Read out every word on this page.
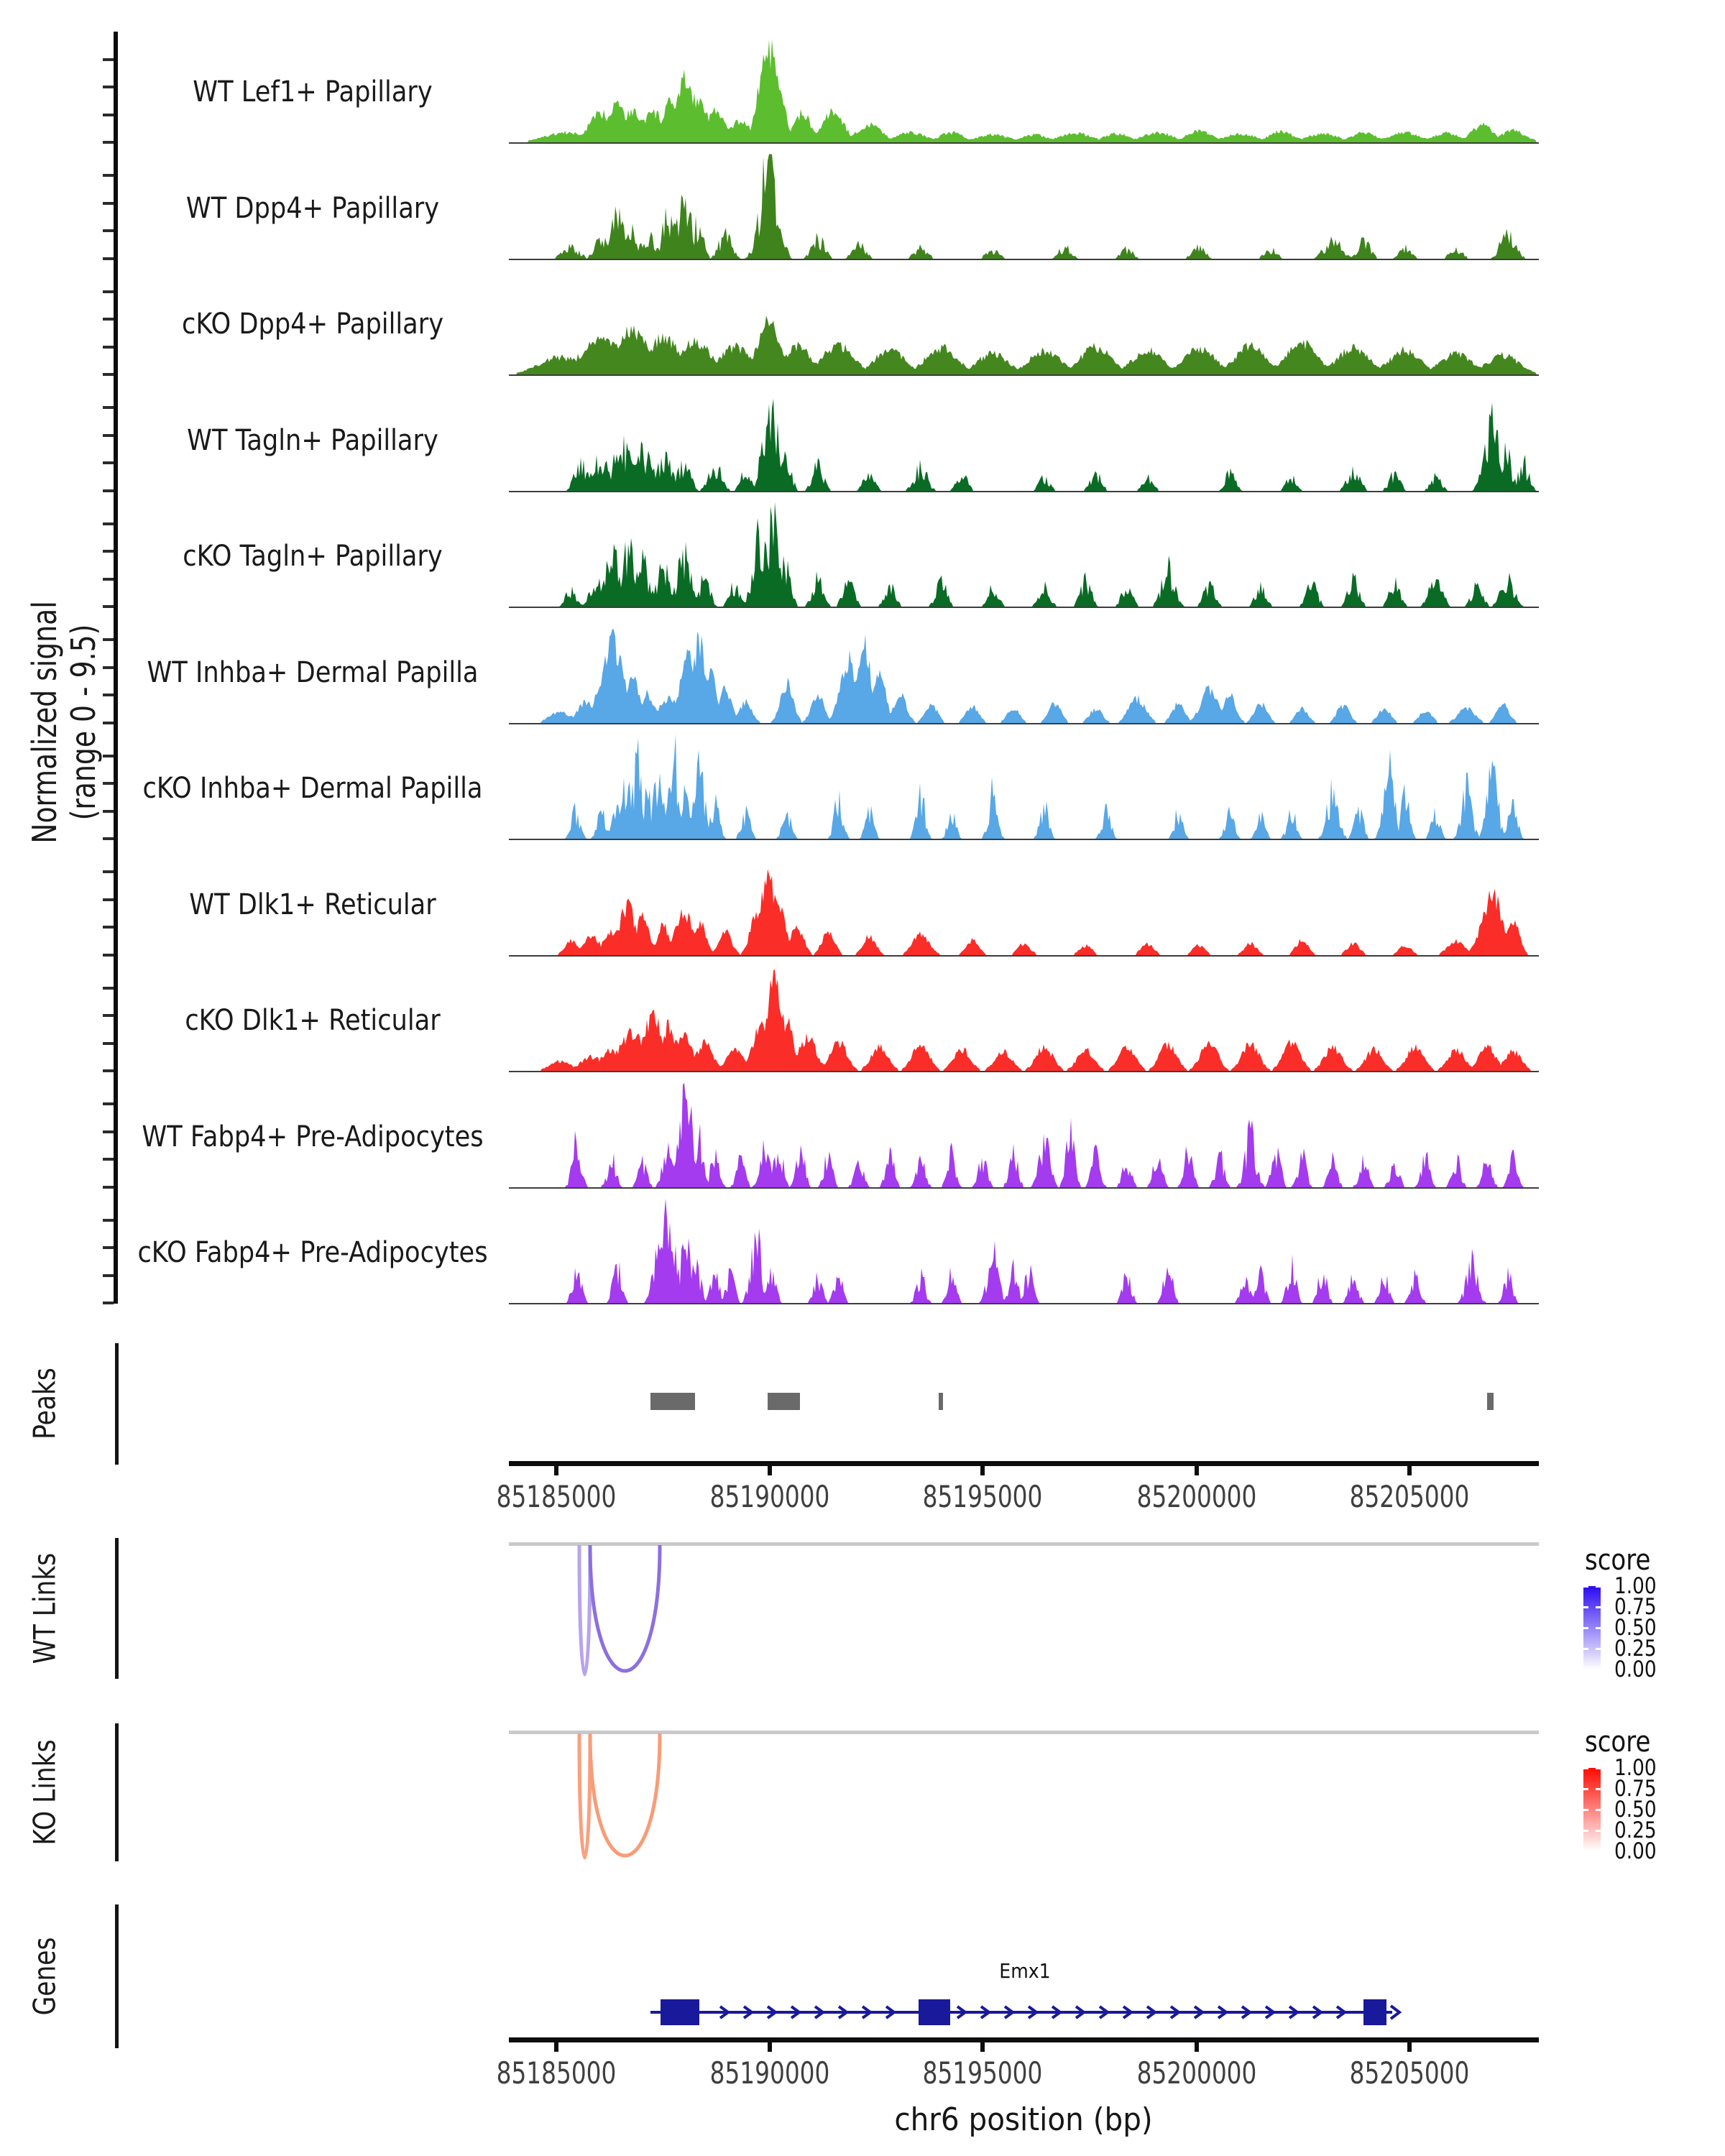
Normalized signal (range 0 - 9.5)
Peaks
WT Links
KO Links
Genes	Emx1
chr6 position (bp)
score
score
WT Lef1+ Papillary
WT Dpp4+ Papillary
cKO Dpp4+ Papillary
WT Tagln+ Papillary
cKO Tagln+ Papillary
WT Inhba+ Dermal Papilla
cKO Inhba+ Dermal Papilla
WT Dlk1+ Reticular
cKO Dlk1+ Reticular
WT Fabp4+ Pre-Adipocytes
cKO Fabp4+ Pre-Adipocytes
85185000	85190000	85195000	85200000	85205000
85185000	85190000	85195000	85200000	85205000
1.00
0.75
0.50
0.25
0.00
1.00
0.75
0.50
0.25
0.00
